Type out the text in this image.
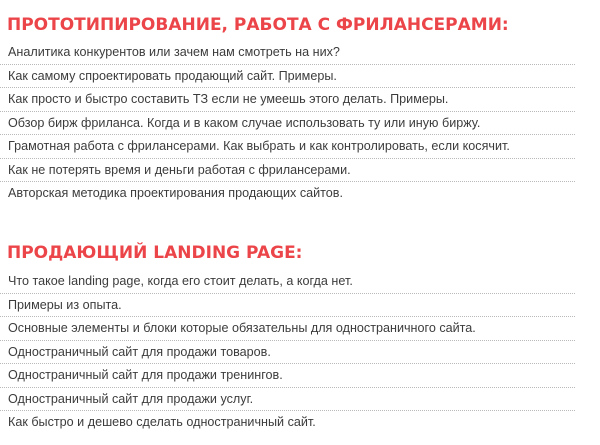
ПРОТОТИПИРОВАНИЕ, РАБОТА С ФРИЛАНСЕРАМИ:
Аналитика конкурентов или зачем нам смотреть на них?
Как самому спроектировать продающий сайт. Примеры.
Как просто и быстро составить ТЗ если не умеешь этого делать. Примеры.
Обзор бирж фриланса. Когда и в каком случае использовать ту или иную биржу.
Грамотная работа с фрилансерами. Как выбрать и как контролировать, если косячит.
Как не потерять время и деньги работая с фрилансерами.
Авторская методика проектирования продающих сайтов.
ПРОДАЮЩИЙ LANDING PAGE:
Что такое landing page, когда его стоит делать, а когда нет.
Примеры из опыта.
Основные элементы и блоки которые обязательны для одностраничного сайта.
Одностраничный сайт для продажи товаров.
Одностраничный сайт для продажи тренингов.
Одностраничный сайт для продажи услуг.
Как быстро и дешево сделать одностраничный сайт.
